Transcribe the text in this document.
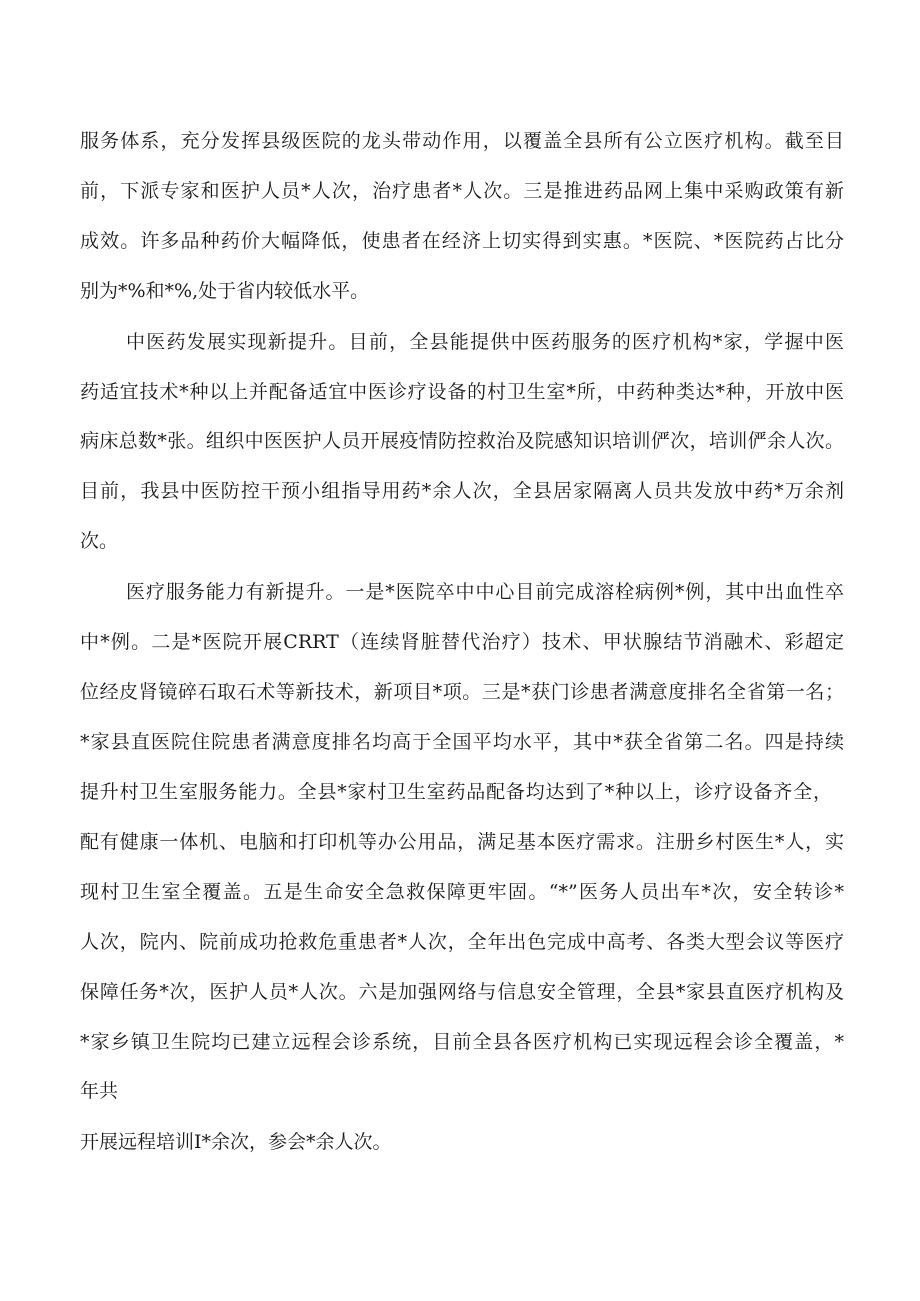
服务体系，充分发挥县级医院的龙头带动作用，以覆盖全县所有公立医疗机构。截至目
前，下派专家和医护人员*人次，治疗患者*人次。三是推进药品网上集中采购政策有新
成效。许多品种药价大幅降低，使患者在经济上切实得到实惠。*医院、*医院药占比分
别为*%和*%,处于省内较低水平。
中医药发展实现新提升。目前，全县能提供中医药服务的医疗机构*家，学握中医
药适宜技术*种以上并配备适宜中医诊疗设备的村卫生室*所，中药种类达*种，开放中医
病床总数*张。组织中医医护人员开展疫情防控救治及院感知识培训俨次，培训俨余人次。
目前，我县中医防控干预小组指导用药*余人次，全县居家隔离人员共发放中药*万余剂
次。
医疗服务能力有新提升。一是*医院卒中中心目前完成溶栓病例*例，其中出血性卒
中*例。二是*医院开展CRRT（连续肾脏替代治疗）技术、甲状腺结节消融术、彩超定
位经皮肾镜碎石取石术等新技术，新项目*项。三是*获门诊患者满意度排名全省第一名；
*家县直医院住院患者满意度排名均高于全国平均水平，其中*获全省第二名。四是持续
提升村卫生室服务能力。全县*家村卫生室药品配备均达到了*种以上，诊疗设备齐全，
配有健康一体机、电脑和打印机等办公用品，满足基本医疗需求。注册乡村医生*人，实
现村卫生室全覆盖。五是生命安全急救保障更牢固。“*”医务人员出车*次，安全转诊*
人次，院内、院前成功抢救危重患者*人次，全年出色完成中高考、各类大型会议等医疗
保障任务*次，医护人员*人次。六是加强网络与信息安全管理，全县*家县直医疗机构及
*家乡镇卫生院均已建立远程会诊系统，目前全县各医疗机构已实现远程会诊全覆盖，*
年共
开展远程培训I*余次，参会*余人次。
